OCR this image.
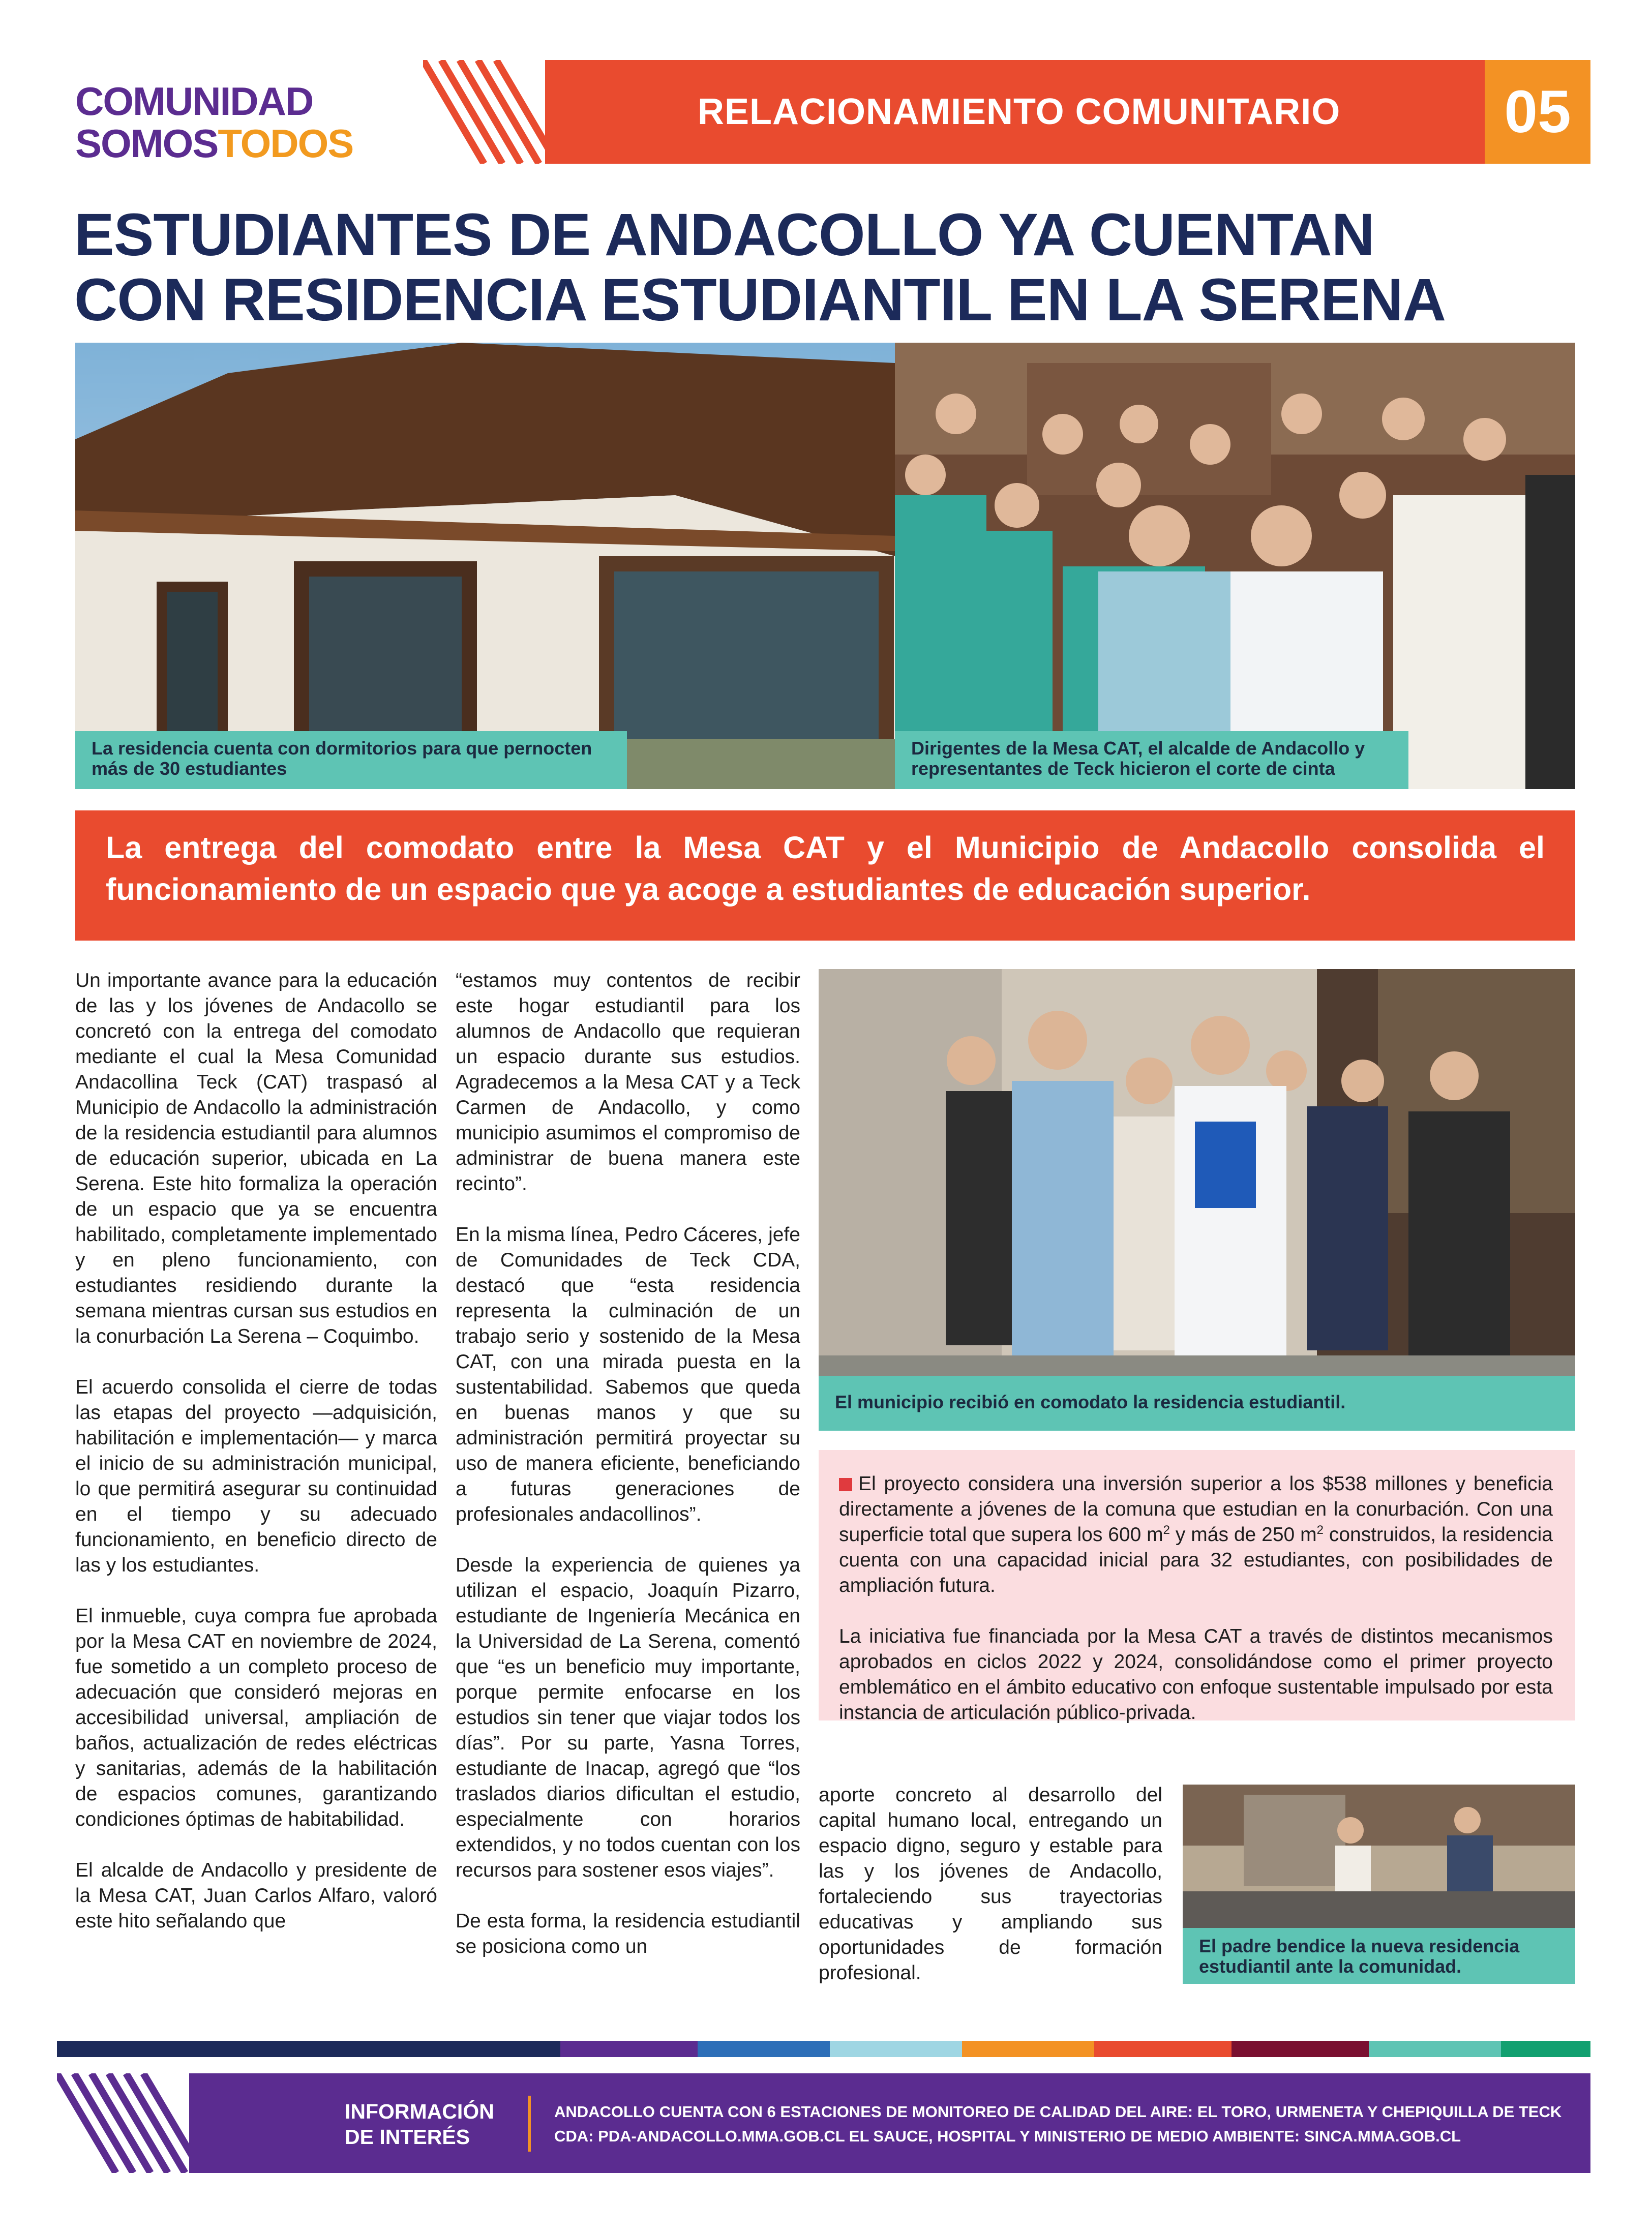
COMUNIDAD
SOMOSTODOS
RELACIONAMIENTO COMUNITARIO	05
ESTUDIANTES DE ANDACOLLO YA CUENTAN
CON RESIDENCIA ESTUDIANTIL EN LA SERENA
La residencia cuenta con dormitorios para que pernocten más de 30 estudiantes
Dirigentes de la Mesa CAT, el alcalde de Andacollo y representantes de Teck hicieron el corte de cinta
La entrega del comodato entre la Mesa CAT y el Municipio de Andacollo consolida el funcionamiento de un espacio que ya acoge a estudiantes de educación superior.

Un importante avance para la educación de las y los jóvenes de Andacollo se concretó con la entrega del comodato mediante el cual la Mesa Comunidad Andacollina Teck (CAT) traspasó al Municipio de Andacollo la administración de la residencia estudiantil para alumnos de educación superior, ubicada en La Serena. Este hito formaliza la operación de un espacio que ya se encuentra habilitado, completamente implementado y en pleno funcionamiento, con estudiantes residiendo durante la semana mientras cursan sus estudios en la conurbación La Serena – Coquimbo.

El acuerdo consolida el cierre de todas las etapas del proyecto —adquisición, habilitación e implementación— y marca el inicio de su administración municipal, lo que permitirá asegurar su continuidad en el tiempo y su adecuado funcionamiento, en beneficio directo de las y los estudiantes.

El inmueble, cuya compra fue aprobada por la Mesa CAT en noviembre de 2024, fue sometido a un completo proceso de adecuación que consideró mejoras en accesibilidad universal, ampliación de baños, actualización de redes eléctricas y sanitarias, además de la habilitación de espacios comunes, garantizando condiciones óptimas de habitabilidad.

El alcalde de Andacollo y presidente de la Mesa CAT, Juan Carlos Alfaro, valoró este hito señalando que

“estamos muy contentos de recibir este hogar estudiantil para los alumnos de Andacollo que requieran un espacio durante sus estudios. Agradecemos a la Mesa CAT y a Teck Carmen de Andacollo, y como municipio asumimos el compromiso de administrar de buena manera este recinto”.

En la misma línea, Pedro Cáceres, jefe de Comunidades de Teck CDA, destacó que “esta residencia representa la culminación de un trabajo serio y sostenido de la Mesa CAT, con una mirada puesta en la sustentabilidad. Sabemos que queda en buenas manos y que su administración permitirá proyectar su uso de manera eficiente, beneficiando a futuras generaciones de profesionales andacollinos”.

Desde la experiencia de quienes ya utilizan el espacio, Joaquín Pizarro, estudiante de Ingeniería Mecánica en la Universidad de La Serena, comentó que “es un beneficio muy importante, porque permite enfocarse en los estudios sin tener que viajar todos los días”. Por su parte, Yasna Torres, estudiante de Inacap, agregó que “los traslados diarios dificultan el estudio, especialmente con horarios extendidos, y no todos cuentan con los recursos para sostener esos viajes”.

De esta forma, la residencia estudiantil se posiciona como un

El municipio recibió en comodato la residencia estudiantil.

El proyecto considera una inversión superior a los $538 millones y beneficia directamente a jóvenes de la comuna que estudian en la conurbación. Con una superficie total que supera los 600 $m^2$ y más de 250 $m^2$ construidos, la residencia cuenta con una capacidad inicial para 32 estudiantes, con posibilidades de ampliación futura.

La iniciativa fue financiada por la Mesa CAT a través de distintos mecanismos aprobados en ciclos 2022 y 2024, consolidándose como el primer proyecto emblemático en el ámbito educativo con enfoque sustentable impulsado por esta instancia de articulación público-privada.

aporte concreto al desarrollo del capital humano local, entregando un espacio digno, seguro y estable para las y los jóvenes de Andacollo, fortaleciendo sus trayectorias educativas y ampliando sus oportunidades de formación profesional.

El padre bendice la nueva residencia estudiantil ante la comunidad.
INFORMACIÓN
DE INTERÉS
ANDACOLLO CUENTA CON 6 ESTACIONES DE MONITOREO DE CALIDAD DEL AIRE: EL TORO, URMENETA Y CHEPIQUILLA DE TECK CDA: PDA-ANDACOLLO.MMA.GOB.CL EL SAUCE, HOSPITAL Y MINISTERIO DE MEDIO AMBIENTE: SINCA.MMA.GOB.CL
